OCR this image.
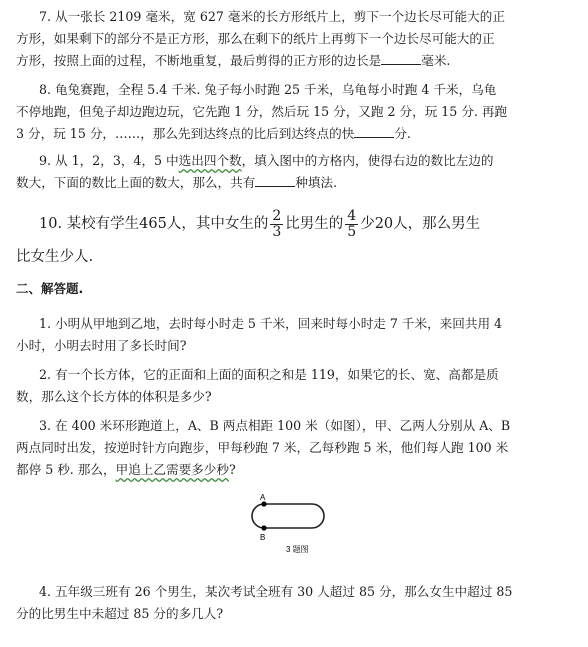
7. 从一张长 2109 毫米，宽 627 毫米的长方形纸片上，剪下一个边长尽可能大的正
方形，如果剩下的部分不是正方形，那么在剩下的纸片上再剪下一个边长尽可能大的正
方形，按照上面的过程，不断地重复，最后剪得的正方形的边长是	毫米.
8. 龟兔赛跑，全程 5.4 千米. 兔子每小时跑 25 千米，乌龟每小时跑 4 千米，乌龟
不停地跑，但兔子却边跑边玩，它先跑 1 分，然后玩 15 分，又跑 2 分，玩 15 分. 再跑
3 分，玩 15 分，……，那么先到达终点的比后到达终点的快	分.
9. 从 1，2，3，4，5 中选出四个数，填入图中的方格内，使得右边的数比左边的
数大，下面的数比上面的数大，那么，共有	种填法.
10. 某校有学生465人，其中女生的 $\frac{2}{3}$ 比男生的 $\frac{4}{5}$ 少20人，那么男生
比女生少人.
二、解答题.
1. 小明从甲地到乙地，去时每小时走 5 千米，回来时每小时走 7 千米，来回共用 4
小时，小明去时用了多长时间?
2. 有一个长方体，它的正面和上面的面积之和是 119，如果它的长、宽、高都是质
数，那么这个长方体的体积是多少?
3. 在 400 米环形跑道上，A、B 两点相距 100 米（如图），甲、乙两人分别从 A、B
两点同时出发，按逆时针方向跑步，甲每秒跑 7 米，乙每秒跑 5 米，他们每人跑 100 米
都停 5 秒. 那么，甲追上乙需要多少秒?
A
B
3 题图
4. 五年级三班有 26 个男生，某次考试全班有 30 人超过 85 分，那么女生中超过 85
分的比男生中未超过 85 分的多几人?
